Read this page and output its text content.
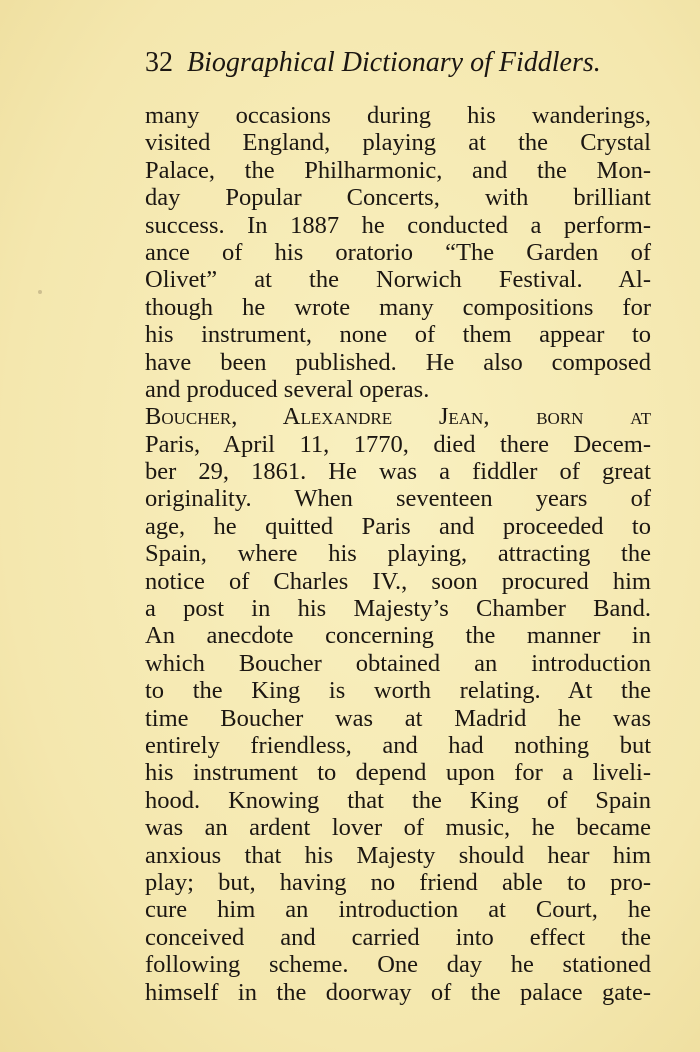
32 Biographical Dictionary of Fiddlers.
many occasions during his wanderings,
visited England, playing at the Crystal
Palace, the Philharmonic, and the Mon-
day Popular Concerts, with brilliant
success. In 1887 he conducted a perform-
ance of his oratorio “The Garden of
Olivet” at the Norwich Festival. Al-
though he wrote many compositions for
his instrument, none of them appear to
have been published. He also composed
and produced several operas.
Boucher, Alexandre Jean, born at
Paris, April 11, 1770, died there Decem-
ber 29, 1861. He was a fiddler of great
originality. When seventeen years of
age, he quitted Paris and proceeded to
Spain, where his playing, attracting the
notice of Charles IV., soon procured him
a post in his Majesty’s Chamber Band.
An anecdote concerning the manner in
which Boucher obtained an introduction
to the King is worth relating. At the
time Boucher was at Madrid he was
entirely friendless, and had nothing but
his instrument to depend upon for a liveli-
hood. Knowing that the King of Spain
was an ardent lover of music, he became
anxious that his Majesty should hear him
play; but, having no friend able to pro-
cure him an introduction at Court, he
conceived and carried into effect the
following scheme. One day he stationed
himself in the doorway of the palace gate-
